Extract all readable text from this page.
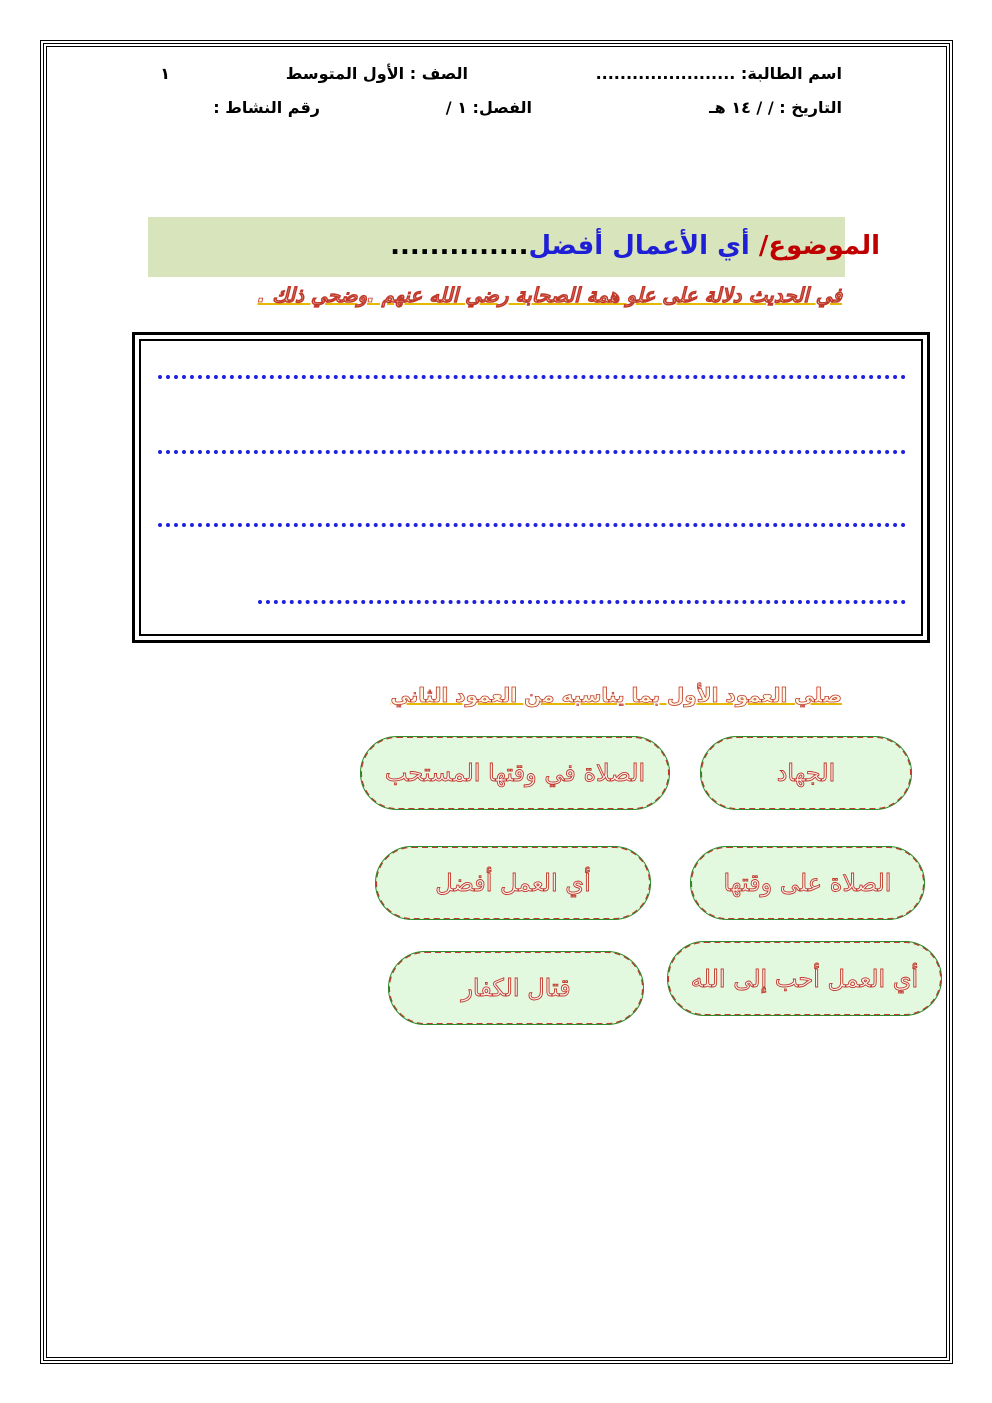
اسم الطالبة: .......................
الصف : الأول المتوسط
١
التاريخ : / / ١٤ هـ
الفصل: ١ /
رقم النشاط :
الموضوع/ أي الأعمال أفضل..............
في الحديث دلالة على علو همة الصحابة رضي الله عنهم .وضحي ذلك .
صلي العمود الأول بما يناسبه من العمود الثاني
الجهاد
الصلاة على وقتها
أي العمل أحب إلى الله
الصلاة في وقتها المستحب
أي العمل أفضل
قتال الكفار
